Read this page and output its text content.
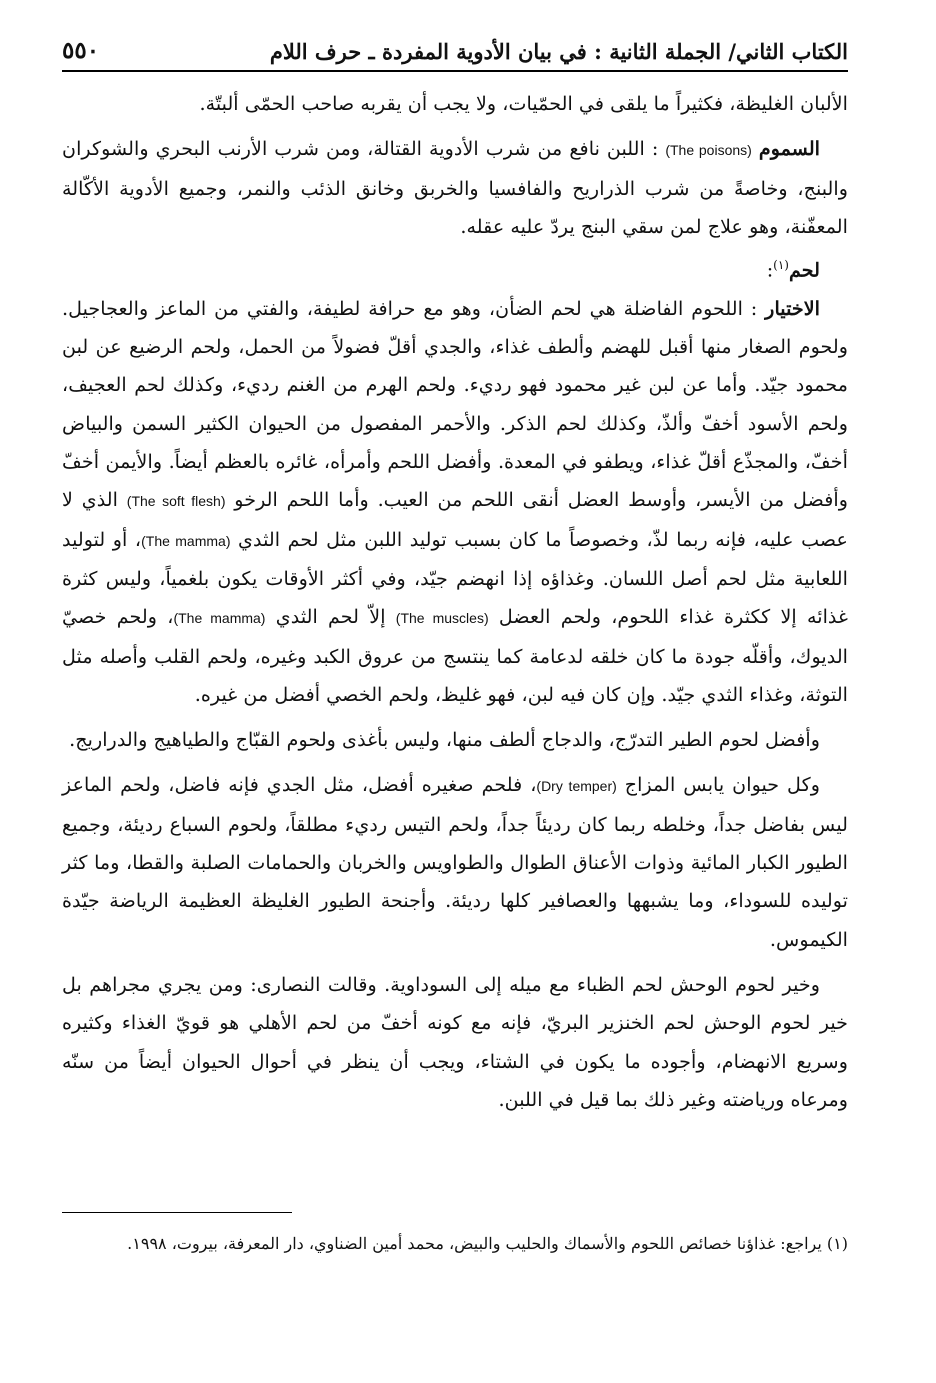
الكتاب الثاني/ الجملة الثانية : في بيان الأدوية المفردة ـ حرف اللام
٥٥٠

الألبان الغليظة، فكثيراً ما يلقى في الحمّيات، ولا يجب أن يقربه صاحب الحمّى ألبتّة.

السموم (The poisons) : اللبن نافع من شرب الأدوية القتالة، ومن شرب الأرنب البحري والشوكران والبنج، وخاصةً من شرب الذراريح والفافسيا والخربق وخانق الذئب والنمر، وجميع الأدوية الأكّالة المعفّنة، وهو علاج لمن سقي البنج يردّ عليه عقله.

لحم$^{(١)}$:

الاختيار : اللحوم الفاضلة هي لحم الضأن، وهو مع حرافة لطيفة، والفتي من الماعز والعجاجيل. ولحوم الصغار منها أقبل للهضم وألطف غذاء، والجدي أقلّ فضولاً من الحمل، ولحم الرضيع عن لبن محمود جيّد. وأما عن لبن غير محمود فهو رديء. ولحم الهرم من الغنم رديء، وكذلك لحم العجيف، ولحم الأسود أخفّ وألذّ، وكذلك لحم الذكر. والأحمر المفصول من الحيوان الكثير السمن والبياض أخفّ، والمجذّع أقلّ غذاء، ويطفو في المعدة. وأفضل اللحم وأمرأه، غائره بالعظم أيضاً. والأيمن أخفّ وأفضل من الأيسر، وأوسط العضل أنقى اللحم من العيب. وأما اللحم الرخو (The soft flesh) الذي لا عصب عليه، فإنه ربما لذّ، وخصوصاً ما كان بسبب توليد اللبن مثل لحم الثدي (The mamma)، أو لتوليد اللعابية مثل لحم أصل اللسان. وغذاؤه إذا انهضم جيّد، وفي أكثر الأوقات يكون بلغمياً، وليس كثرة غذائه إلا ككثرة غذاء اللحوم، ولحم العضل (The muscles) إلاّ لحم الثدي (The mamma)، ولحم خصيّ الديوك، وأقلّه جودة ما كان خلقه لدعامة كما ينتسج من عروق الكبد وغيره، ولحم القلب وأصله مثل التوثة، وغذاء الثدي جيّد. وإن كان فيه لبن، فهو غليظ، ولحم الخصي أفضل من غيره.

وأفضل لحوم الطير التدرّج، والدجاج ألطف منها، وليس بأغذى ولحوم القبّاج والطياهيج والدراريج.

وكل حيوان يابس المزاج (Dry temper)، فلحم صغيره أفضل، مثل الجدي فإنه فاضل، ولحم الماعز ليس بفاضل جداً، وخلطه ربما كان رديئاً جداً، ولحم التيس رديء مطلقاً، ولحوم السباع رديئة، وجميع الطيور الكبار المائية وذوات الأعناق الطوال والطواويس والخربان والحمامات الصلبة والقطا، وما كثر توليده للسوداء، وما يشبهها والعصافير كلها رديئة. وأجنحة الطيور الغليظة العظيمة الرياضة جيّدة الكيموس.

وخير لحوم الوحش لحم الظباء مع ميله إلى السوداوية. وقالت النصارى: ومن يجري مجراهم بل خير لحوم الوحش لحم الخنزير البريّ، فإنه مع كونه أخفّ من لحم الأهلي هو قويّ الغذاء وكثيره وسريع الانهضام، وأجوده ما يكون في الشتاء، ويجب أن ينظر في أحوال الحيوان أيضاً من سنّه ومرعاه ورياضته وغير ذلك بما قيل في اللبن.

(١) يراجع: غذاؤنا خصائص اللحوم والأسماك والحليب والبيض، محمد أمين الضناوي، دار المعرفة، بيروت، ١٩٩٨.
